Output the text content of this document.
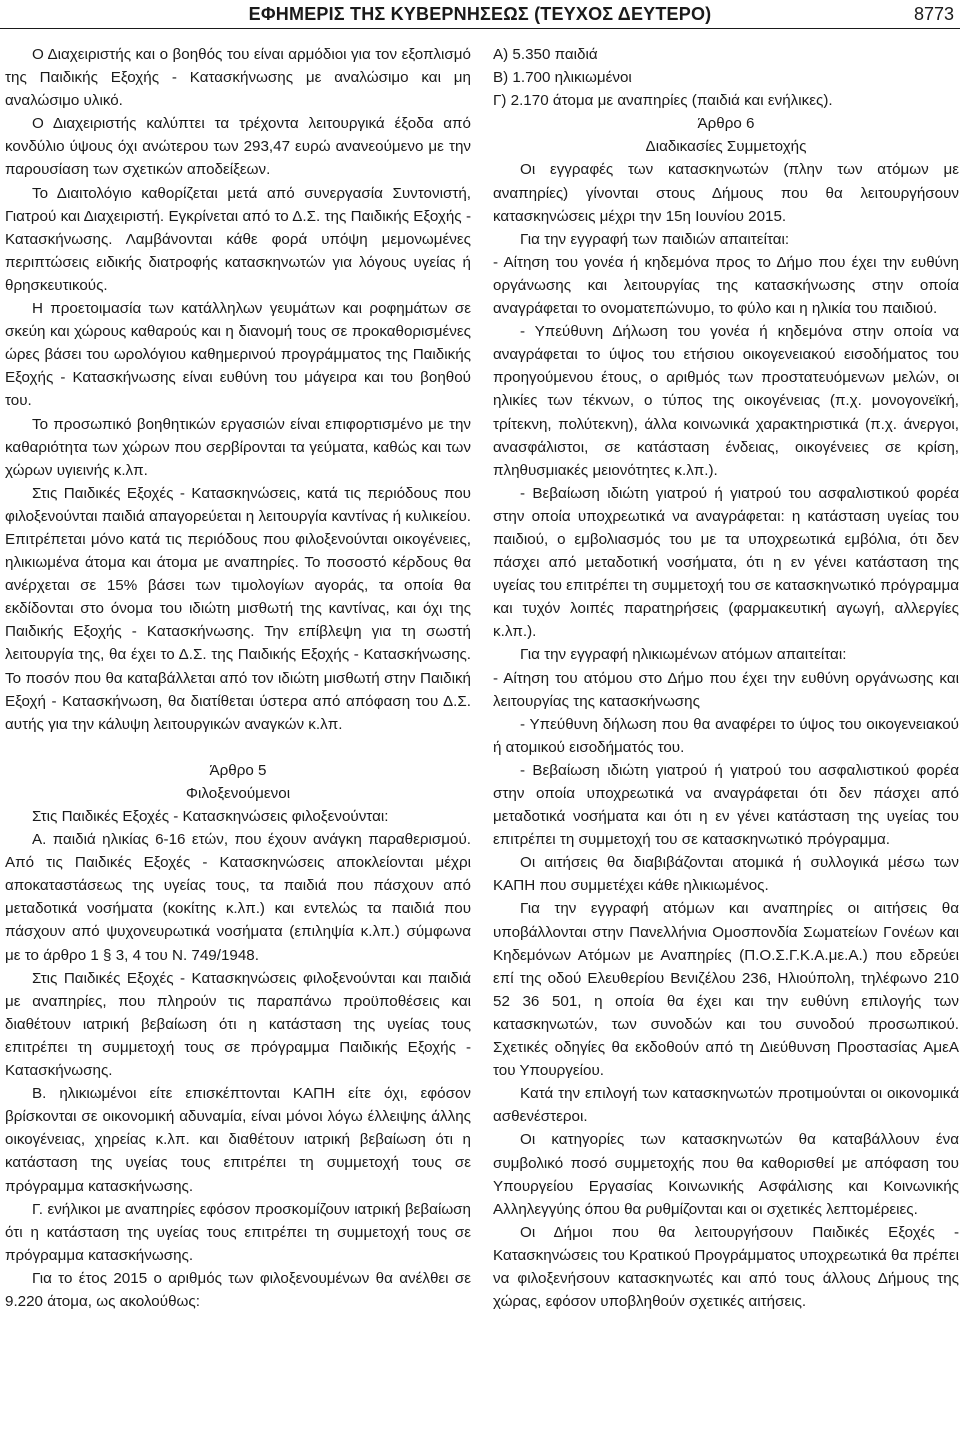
ΕΦΗΜΕΡΙΣ ΤΗΣ ΚΥΒΕΡΝΗΣΕΩΣ (ΤΕΥΧΟΣ ΔΕΥΤΕΡΟ)	8773

Ο Διαχειριστής και ο βοηθός του είναι αρμόδιοι για τον εξοπλισμό της Παιδικής Εξοχής - Κατασκήνωσης με αναλώσιμο και μη αναλώσιμο υλικό.

Ο Διαχειριστής καλύπτει τα τρέχοντα λειτουργικά έξοδα από κονδύλιο ύψους όχι ανώτερου των 293,47 ευρώ ανανεούμενο με την παρουσίαση των σχετικών αποδείξεων.

Το Διαιτολόγιο καθορίζεται μετά από συνεργασία Συντονιστή, Γιατρού και Διαχειριστή. Εγκρίνεται από το Δ.Σ. της Παιδικής Εξοχής - Κατασκήνωσης. Λαμβάνονται κάθε φορά υπόψη μεμονωμένες περιπτώσεις ειδικής διατροφής κατασκηνωτών για λόγους υγείας ή θρησκευτικούς.

Η προετοιμασία των κατάλληλων γευμάτων και ροφημάτων σε σκεύη και χώρους καθαρούς και η διανομή τους σε προκαθορισμένες ώρες βάσει του ωρολόγιου καθημερινού προγράμματος της Παιδικής Εξοχής - Κατασκήνωσης είναι ευθύνη του μάγειρα και του βοηθού του.

Το προσωπικό βοηθητικών εργασιών είναι επιφορτισμένο με την καθαριότητα των χώρων που σερβίρονται τα γεύματα, καθώς και των χώρων υγιεινής κ.λπ.

Στις Παιδικές Εξοχές - Κατασκηνώσεις, κατά τις περιόδους που φιλοξενούνται παιδιά απαγορεύεται η λειτουργία καντίνας ή κυλικείου. Επιτρέπεται μόνο κατά τις περιόδους που φιλοξενούνται οικογένειες, ηλικιωμένα άτομα και άτομα με αναπηρίες. Το ποσοστό κέρδους θα ανέρχεται σε 15% βάσει των τιμολογίων αγοράς, τα οποία θα εκδίδονται στο όνομα του ιδιώτη μισθωτή της καντίνας, και όχι της Παιδικής Εξοχής - Κατασκήνωσης. Την επίβλεψη για τη σωστή λειτουργία της, θα έχει το Δ.Σ. της Παιδικής Εξοχής - Κατασκήνωσης. Το ποσόν που θα καταβάλλεται από τον ιδιώτη μισθωτή στην Παιδική Εξοχή - Κατασκήνωση, θα διατίθεται ύστερα από απόφαση του Δ.Σ. αυτής για την κάλυψη λειτουργικών αναγκών κ.λπ.

Άρθρο 5

Φιλοξενούμενοι

Στις Παιδικές Εξοχές - Κατασκηνώσεις φιλοξενούνται:

Α. παιδιά ηλικίας 6-16 ετών, που έχουν ανάγκη παραθερισμού. Από τις Παιδικές Εξοχές - Κατασκηνώσεις αποκλείονται μέχρι αποκαταστάσεως της υγείας τους, τα παιδιά που πάσχουν από μεταδοτικά νοσήματα (κοκίτης κ.λπ.) και εντελώς τα παιδιά που πάσχουν από ψυχονευρωτικά νοσήματα (επιληψία κ.λπ.) σύμφωνα με το άρθρο 1 § 3, 4 του Ν. 749/1948.

Στις Παιδικές Εξοχές - Κατασκηνώσεις φιλοξενούνται και παιδιά με αναπηρίες, που πληρούν τις παραπάνω προϋποθέσεις και διαθέτουν ιατρική βεβαίωση ότι η κατάσταση της υγείας τους επιτρέπει τη συμμετοχή τους σε πρόγραμμα Παιδικής Εξοχής - Κατασκήνωσης.

Β. ηλικιωμένοι είτε επισκέπτονται ΚΑΠΗ είτε όχι, εφόσον βρίσκονται σε οικονομική αδυναμία, είναι μόνοι λόγω έλλειψης άλλης οικογένειας, χηρείας κ.λπ. και διαθέτουν ιατρική βεβαίωση ότι η κατάσταση της υγείας τους επιτρέπει τη συμμετοχή τους σε πρόγραμμα κατασκήνωσης.

Γ. ενήλικοι με αναπηρίες εφόσον προσκομίζουν ιατρική βεβαίωση ότι η κατάσταση της υγείας τους επιτρέπει τη συμμετοχή τους σε πρόγραμμα κατασκήνωσης.

Για το έτος 2015 ο αριθμός των φιλοξενουμένων θα ανέλθει σε 9.220 άτομα, ως ακολούθως:

Α) 5.350 παιδιά

Β) 1.700 ηλικιωμένοι

Γ) 2.170 άτομα με αναπηρίες (παιδιά και ενήλικες).

Άρθρο 6

Διαδικασίες Συμμετοχής

Οι εγγραφές των κατασκηνωτών (πλην των ατόμων με αναπηρίες) γίνονται στους Δήμους που θα λειτουργήσουν κατασκηνώσεις μέχρι την 15η Ιουνίου 2015.

Για την εγγραφή των παιδιών απαιτείται:

- Αίτηση του γονέα ή κηδεμόνα προς το Δήμο που έχει την ευθύνη οργάνωσης και λειτουργίας της κατασκήνωσης στην οποία αναγράφεται το ονοματεπώνυμο, το φύλο και η ηλικία του παιδιού.

- Υπεύθυνη Δήλωση του γονέα ή κηδεμόνα στην οποία να αναγράφεται το ύψος του ετήσιου οικογενειακού εισοδήματος του προηγούμενου έτους, ο αριθμός των προστατευόμενων μελών, οι ηλικίες των τέκνων, ο τύπος της οικογένειας (π.χ. μονογονεϊκή, τρίτεκνη, πολύτεκνη), άλλα κοινωνικά χαρακτηριστικά (π.χ. άνεργοι, ανασφάλιστοι, σε κατάσταση ένδειας, οικογένειες σε κρίση, πληθυσμιακές μειονότητες κ.λπ.).

- Βεβαίωση ιδιώτη γιατρού ή γιατρού του ασφαλιστικού φορέα στην οποία υποχρεωτικά να αναγράφεται: η κατάσταση υγείας του παιδιού, ο εμβολιασμός του με τα υποχρεωτικά εμβόλια, ότι δεν πάσχει από μεταδοτική νοσήματα, ότι η εν γένει κατάσταση της υγείας του επιτρέπει τη συμμετοχή του σε κατασκηνωτικό πρόγραμμα και τυχόν λοιπές παρατηρήσεις (φαρμακευτική αγωγή, αλλεργίες κ.λπ.).

Για την εγγραφή ηλικιωμένων ατόμων απαιτείται:

- Αίτηση του ατόμου στο Δήμο που έχει την ευθύνη οργάνωσης και λειτουργίας της κατασκήνωσης

- Υπεύθυνη δήλωση που θα αναφέρει το ύψος του οικογενειακού ή ατομικού εισοδήματός του.

- Βεβαίωση ιδιώτη γιατρού ή γιατρού του ασφαλιστικού φορέα στην οποία υποχρεωτικά να αναγράφεται ότι δεν πάσχει από μεταδοτικά νοσήματα και ότι η εν γένει κατάσταση της υγείας του επιτρέπει τη συμμετοχή του σε κατασκηνωτικό πρόγραμμα.

Οι αιτήσεις θα διαβιβάζονται ατομικά ή συλλογικά μέσω των ΚΑΠΗ που συμμετέχει κάθε ηλικιωμένος.

Για την εγγραφή ατόμων και αναπηρίες οι αιτήσεις θα υποβάλλονται στην Πανελλήνια Ομοσπονδία Σωματείων Γονέων και Κηδεμόνων Ατόμων με Αναπηρίες (Π.Ο.Σ.Γ.Κ.Α.με.Α.) που εδρεύει επί της οδού Ελευθερίου Βενιζέλου 236, Ηλιούπολη, τηλέφωνο 210 52 36 501, η οποία θα έχει και την ευθύνη επιλογής των κατασκηνωτών, των συνοδών και του συνοδού προσωπικού. Σχετικές οδηγίες θα εκδοθούν από τη Διεύθυνση Προστασίας ΑμεΑ του Υπουργείου.

Κατά την επιλογή των κατασκηνωτών προτιμούνται οι οικονομικά ασθενέστεροι.

Οι κατηγορίες των κατασκηνωτών θα καταβάλλουν ένα συμβολικό ποσό συμμετοχής που θα καθορισθεί με απόφαση του Υπουργείου Εργασίας Κοινωνικής Ασφάλισης και Κοινωνικής Αλληλεγγύης όπου θα ρυθμίζονται και οι σχετικές λεπτομέρειες.

Οι Δήμοι που θα λειτουργήσουν Παιδικές Εξοχές - Κατασκηνώσεις του Κρατικού Προγράμματος υποχρεωτικά θα πρέπει να φιλοξενήσουν κατασκηνωτές και από τους άλλους Δήμους της χώρας, εφόσον υποβληθούν σχετικές αιτήσεις.
